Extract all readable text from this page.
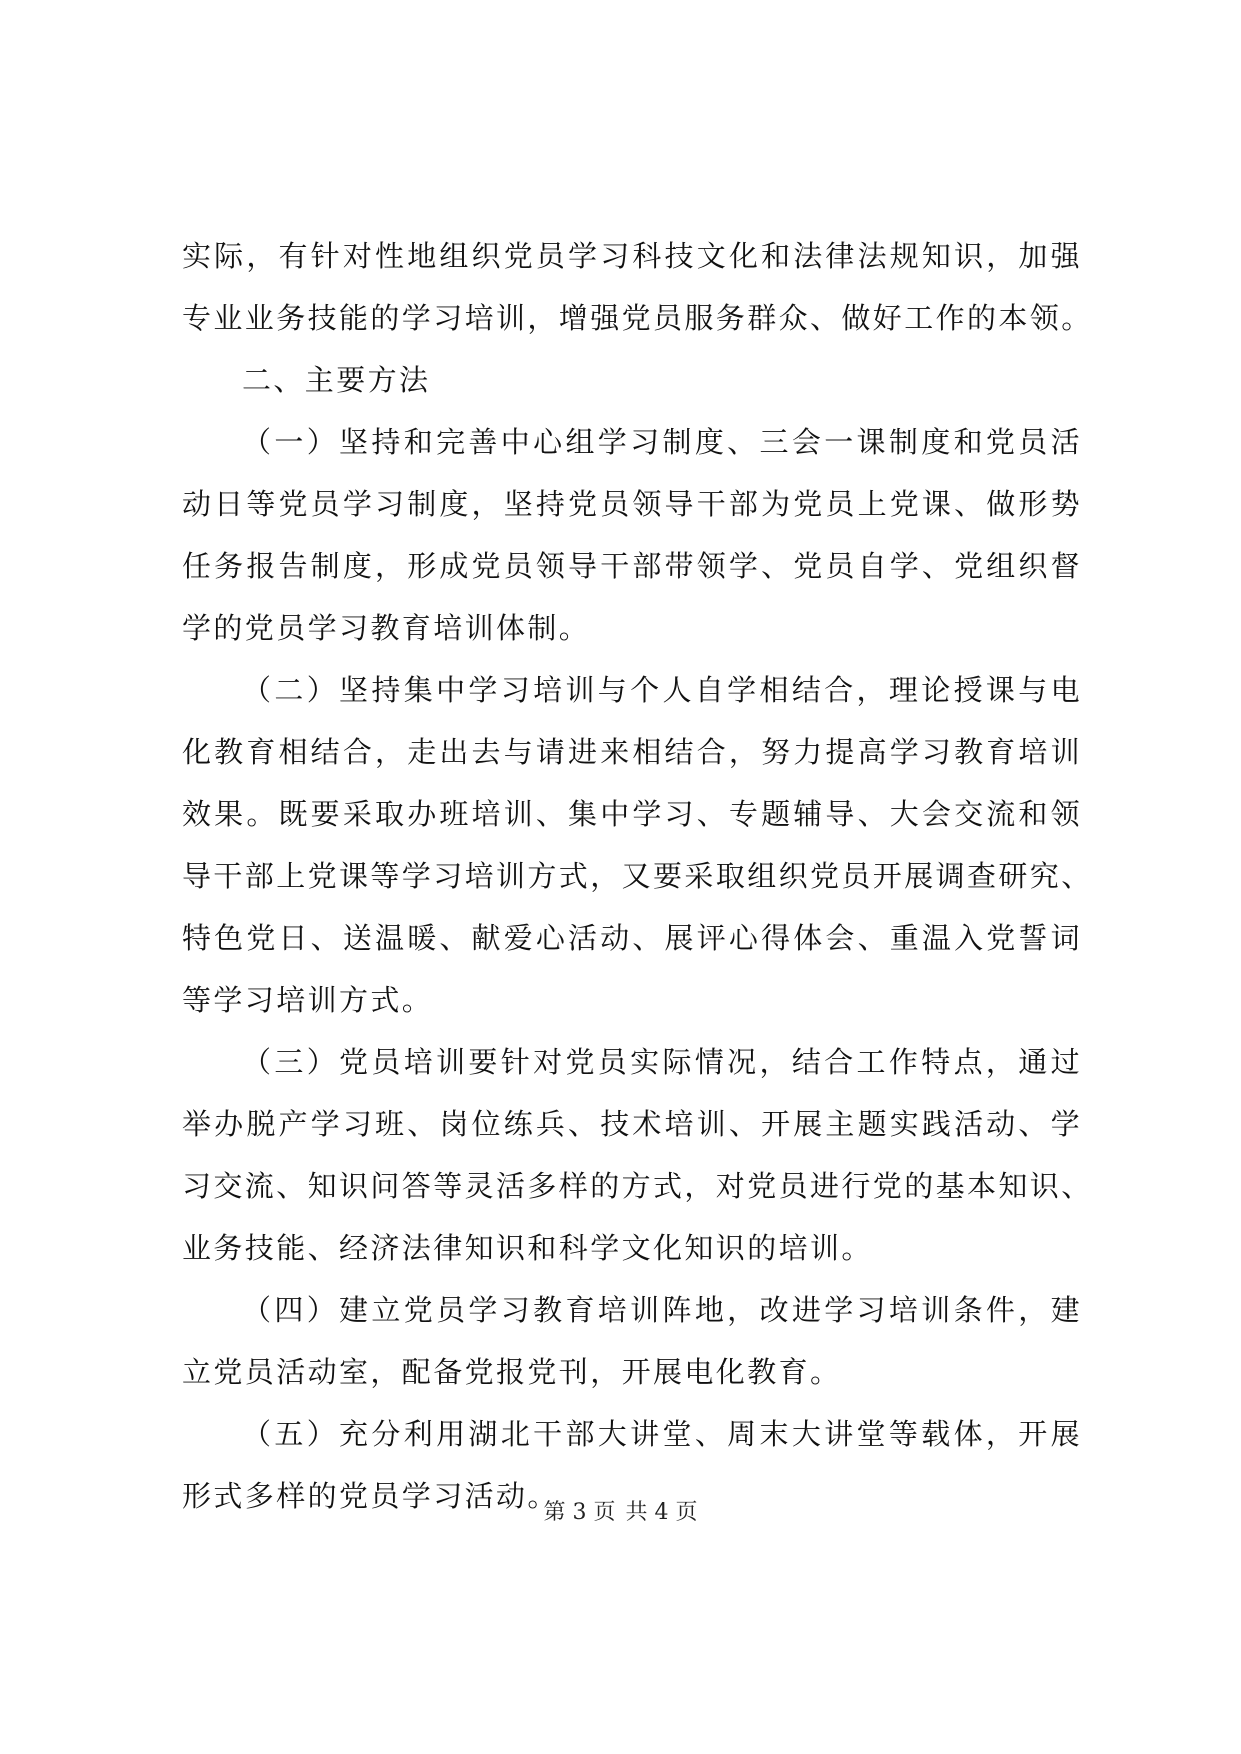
实际，有针对性地组织党员学习科技文化和法律法规知识，加强
专业业务技能的学习培训，增强党员服务群众、做好工作的本领。
二、主要方法
（一）坚持和完善中心组学习制度、三会一课制度和党员活
动日等党员学习制度，坚持党员领导干部为党员上党课、做形势
任务报告制度，形成党员领导干部带领学、党员自学、党组织督
学的党员学习教育培训体制。
（二）坚持集中学习培训与个人自学相结合，理论授课与电
化教育相结合，走出去与请进来相结合，努力提高学习教育培训
效果。既要采取办班培训、集中学习、专题辅导、大会交流和领
导干部上党课等学习培训方式，又要采取组织党员开展调查研究、
特色党日、送温暖、献爱心活动、展评心得体会、重温入党誓词
等学习培训方式。
（三）党员培训要针对党员实际情况，结合工作特点，通过
举办脱产学习班、岗位练兵、技术培训、开展主题实践活动、学
习交流、知识问答等灵活多样的方式，对党员进行党的基本知识、
业务技能、经济法律知识和科学文化知识的培训。
（四）建立党员学习教育培训阵地，改进学习培训条件，建
立党员活动室，配备党报党刊，开展电化教育。
（五）充分利用湖北干部大讲堂、周末大讲堂等载体，开展
形式多样的党员学习活动。
第 3 页 共 4 页
